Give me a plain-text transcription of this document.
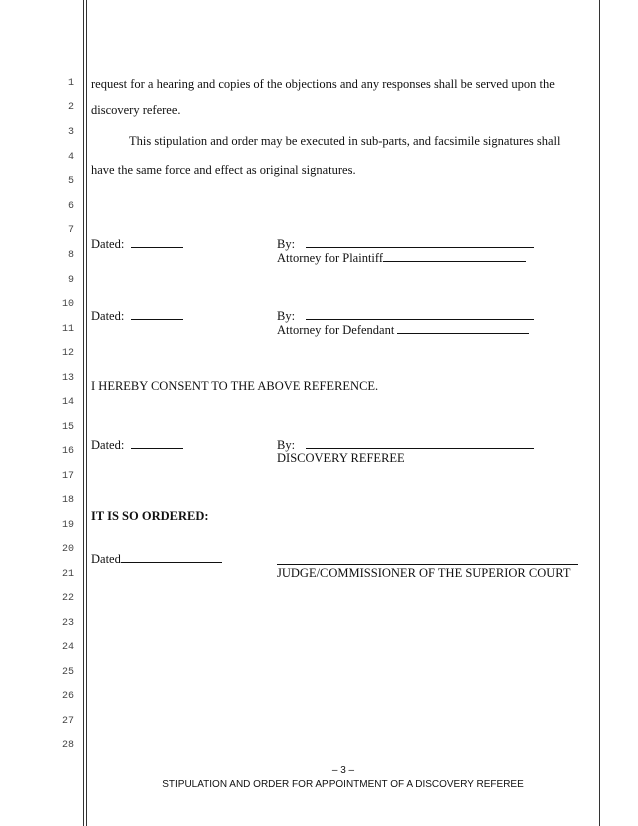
1
2
3
4
5
6
7
8
9
10
11
12
13
14
15
16
17
18
19
20
21
22
23
24
25
26
27
28
request for a hearing and copies of the objections and any responses shall be served upon the
discovery referee.
This stipulation and order may be executed in sub-parts, and facsimile signatures shall
have the same force and effect as original signatures.
Dated:	By:
Attorney for Plaintiff
Dated:	By:
Attorney for Defendant
I HEREBY CONSENT TO THE ABOVE REFERENCE.
Dated:	By:
DISCOVERY REFEREE
IT IS SO ORDERED:
Dated
JUDGE/COMMISSIONER OF THE SUPERIOR COURT
– 3 –
STIPULATION AND ORDER FOR APPOINTMENT OF A DISCOVERY REFEREE
